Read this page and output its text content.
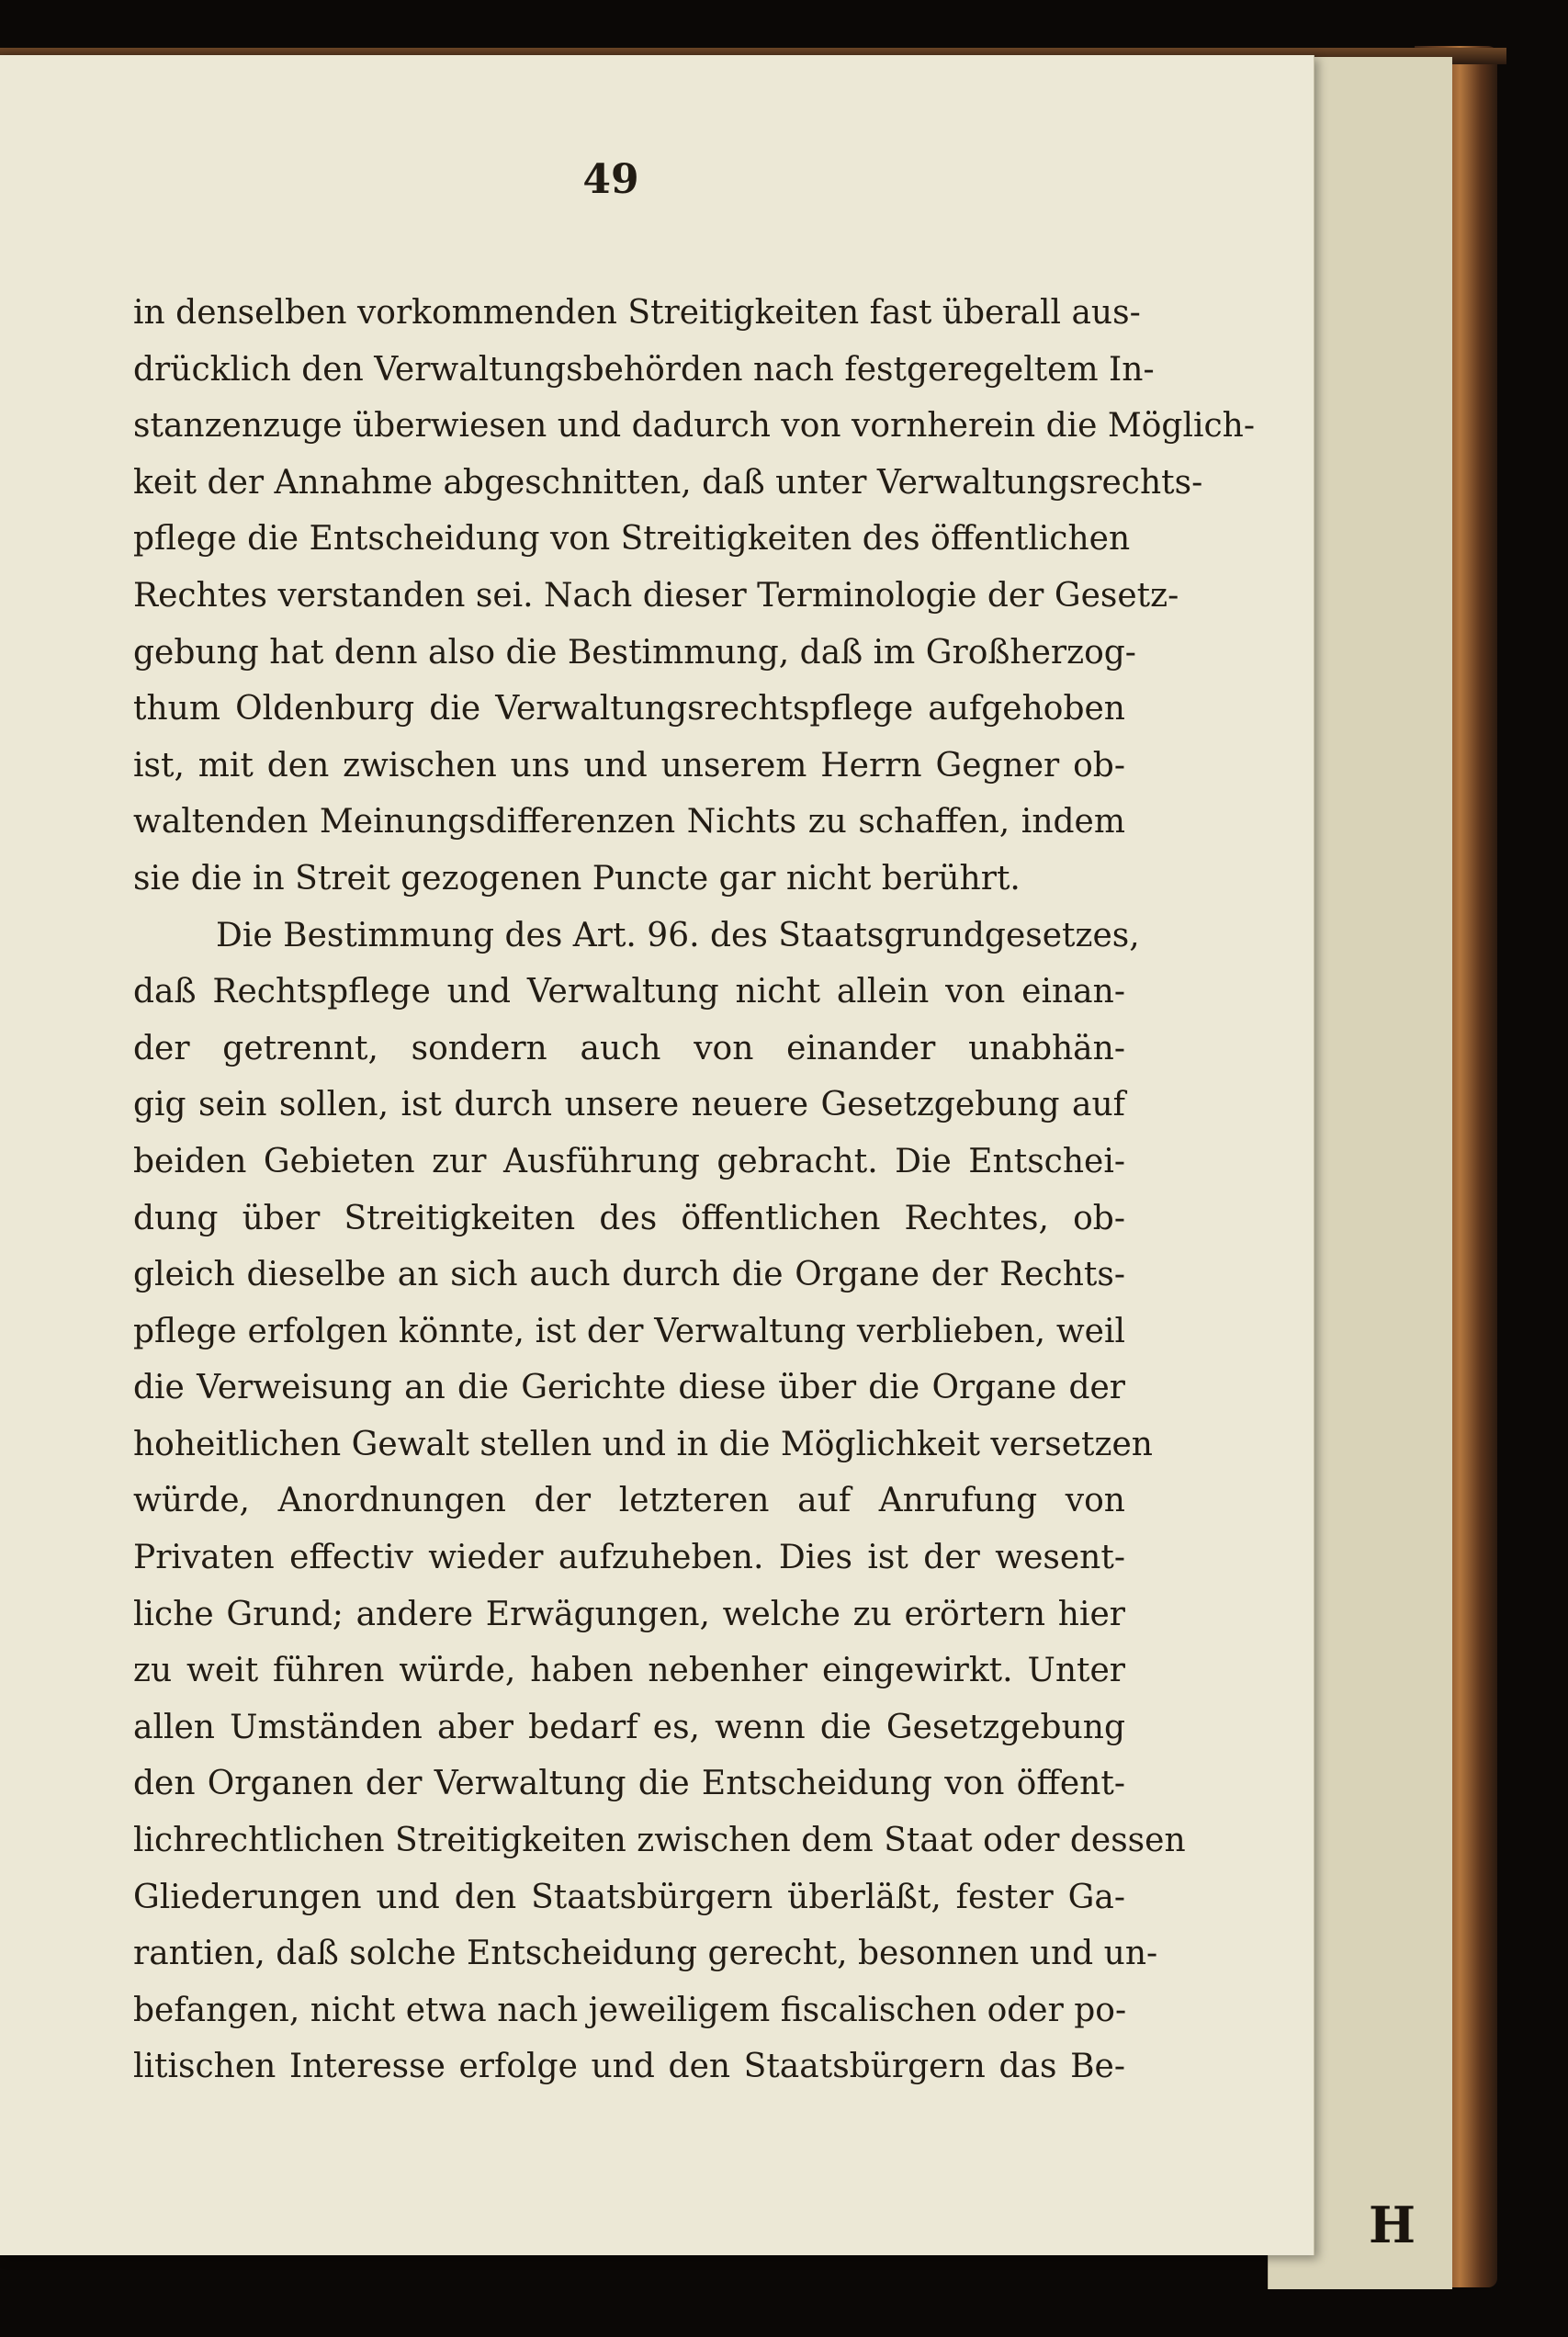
49

in denselben vorkommenden Streitigkeiten fast überall aus-
drücklich den Verwaltungsbehörden nach festgeregeltem In-
stanzenzuge überwiesen und dadurch von vornherein die Möglich-
keit der Annahme abgeschnitten, daß unter Verwaltungsrechts-
pflege die Entscheidung von Streitigkeiten des öffentlichen
Rechtes verstanden sei. Nach dieser Terminologie der Gesetz-
gebung hat denn also die Bestimmung, daß im Großherzog-
thum Oldenburg die Verwaltungsrechtspflege aufgehoben
ist, mit den zwischen uns und unserem Herrn Gegner ob-
waltenden Meinungsdifferenzen Nichts zu schaffen, indem
sie die in Streit gezogenen Puncte gar nicht berührt.
Die Bestimmung des Art. 96. des Staatsgrundgesetzes,
daß Rechtspflege und Verwaltung nicht allein von einan-
der getrennt, sondern auch von einander unabhän-
gig sein sollen, ist durch unsere neuere Gesetzgebung auf
beiden Gebieten zur Ausführung gebracht. Die Entschei-
dung über Streitigkeiten des öffentlichen Rechtes, ob-
gleich dieselbe an sich auch durch die Organe der Rechts-
pflege erfolgen könnte, ist der Verwaltung verblieben, weil
die Verweisung an die Gerichte diese über die Organe der
hoheitlichen Gewalt stellen und in die Möglichkeit versetzen
würde, Anordnungen der letzteren auf Anrufung von
Privaten effectiv wieder aufzuheben. Dies ist der wesent-
liche Grund; andere Erwägungen, welche zu erörtern hier
zu weit führen würde, haben nebenher eingewirkt. Unter
allen Umständen aber bedarf es, wenn die Gesetzgebung
den Organen der Verwaltung die Entscheidung von öffent-
lichrechtlichen Streitigkeiten zwischen dem Staat oder dessen
Gliederungen und den Staatsbürgern überläßt, fester Ga-
rantien, daß solche Entscheidung gerecht, besonnen und un-
befangen, nicht etwa nach jeweiligem fiscalischen oder po-
litischen Interesse erfolge und den Staatsbürgern das Be-

H
